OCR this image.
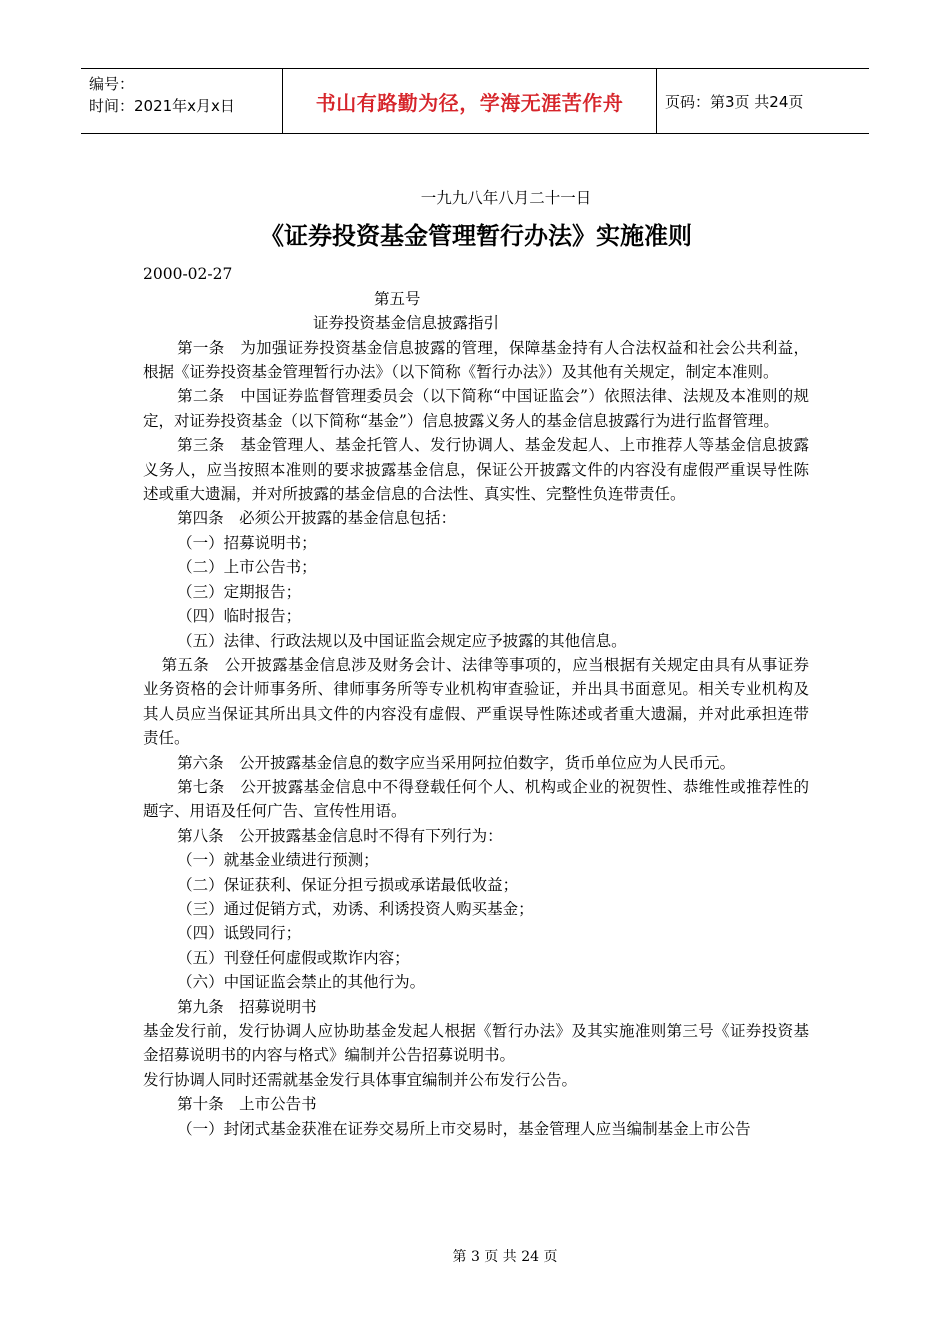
编号：
时间：2021年x月x日	书山有路勤为径，学海无涯苦作舟	页码：第3页 共24页
一九九八年八月二十一日
《证券投资基金管理暂行办法》实施准则
2000-02-27
第五号
证券投资基金信息披露指引

第一条　为加强证券投资基金信息披露的管理，保障基金持有人合法权益和社会公共利益，根据《证券投资基金管理暂行办法》（以下简称《暂行办法》）及其他有关规定，制定本准则。

第二条　中国证券监督管理委员会（以下简称“中国证监会”）依照法律、法规及本准则的规定，对证券投资基金（以下简称“基金”）信息披露义务人的基金信息披露行为进行监督管理。

第三条　基金管理人、基金托管人、发行协调人、基金发起人、上市推荐人等基金信息披露义务人，应当按照本准则的要求披露基金信息，保证公开披露文件的内容没有虚假严重误导性陈述或重大遗漏，并对所披露的基金信息的合法性、真实性、完整性负连带责任。

第四条　必须公开披露的基金信息包括：

（一）招募说明书；

（二）上市公告书；

（三）定期报告；

（四）临时报告；

（五）法律、行政法规以及中国证监会规定应予披露的其他信息。

第五条　公开披露基金信息涉及财务会计、法律等事项的，应当根据有关规定由具有从事证券业务资格的会计师事务所、律师事务所等专业机构审查验证，并出具书面意见。相关专业机构及其人员应当保证其所出具文件的内容没有虚假、严重误导性陈述或者重大遗漏，并对此承担连带责任。

第六条　公开披露基金信息的数字应当采用阿拉伯数字，货币单位应为人民币元。

第七条　公开披露基金信息中不得登载任何个人、机构或企业的祝贺性、恭维性或推荐性的题字、用语及任何广告、宣传性用语。

第八条　公开披露基金信息时不得有下列行为：

（一）就基金业绩进行预测；

（二）保证获利、保证分担亏损或承诺最低收益；

（三）通过促销方式，劝诱、利诱投资人购买基金；

（四）诋毁同行；

（五）刊登任何虚假或欺诈内容；

（六）中国证监会禁止的其他行为。

第九条　招募说明书

基金发行前，发行协调人应协助基金发起人根据《暂行办法》及其实施准则第三号《证券投资基金招募说明书的内容与格式》编制并公告招募说明书。

发行协调人同时还需就基金发行具体事宜编制并公布发行公告。

第十条　上市公告书

（一）封闭式基金获准在证券交易所上市交易时，基金管理人应当编制基金上市公告

第 3 页 共 24 页
